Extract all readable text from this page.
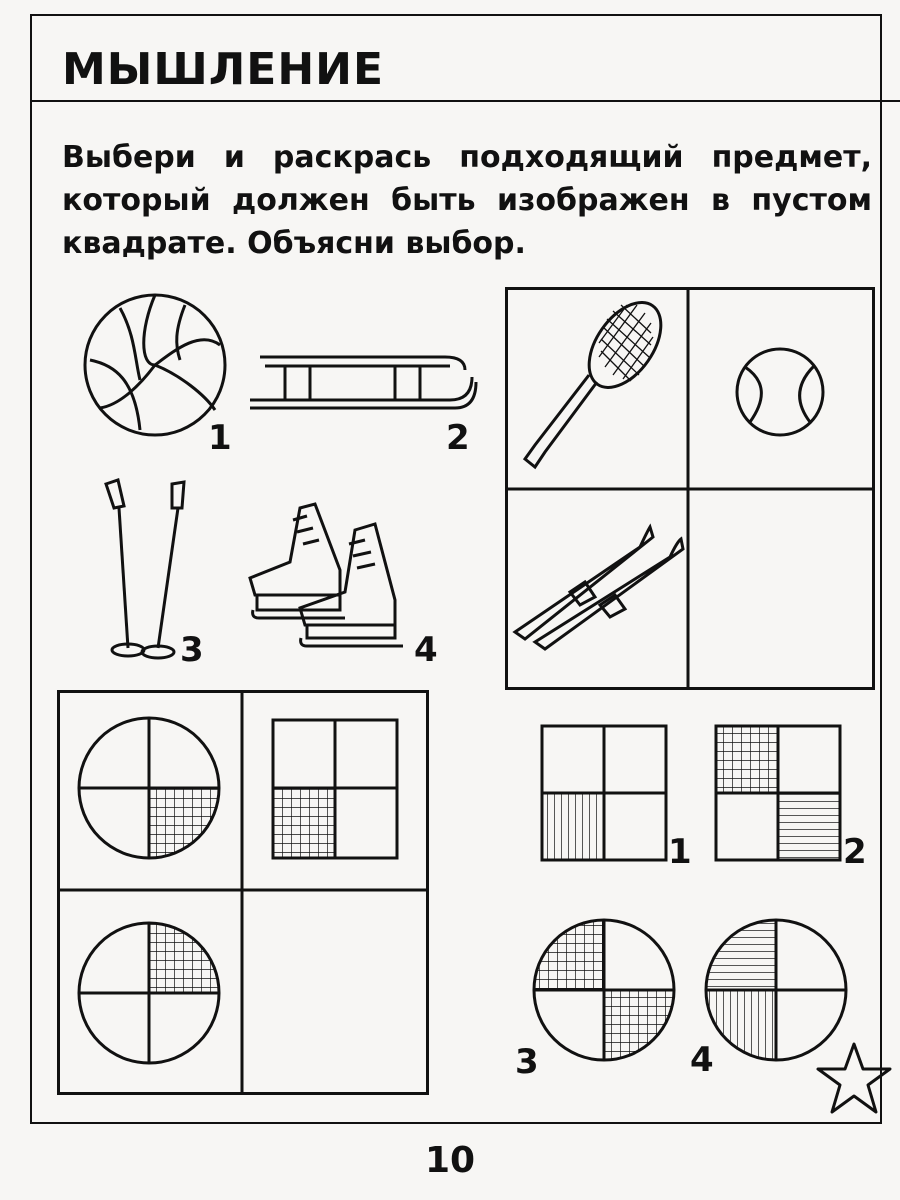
МЫШЛЕНИЕ
Выбери и раскрась подходящий предмет,
который должен быть изображен в пустом
квадрате. Объясни выбор.
1	2
3	4
1	2
3	4
10
